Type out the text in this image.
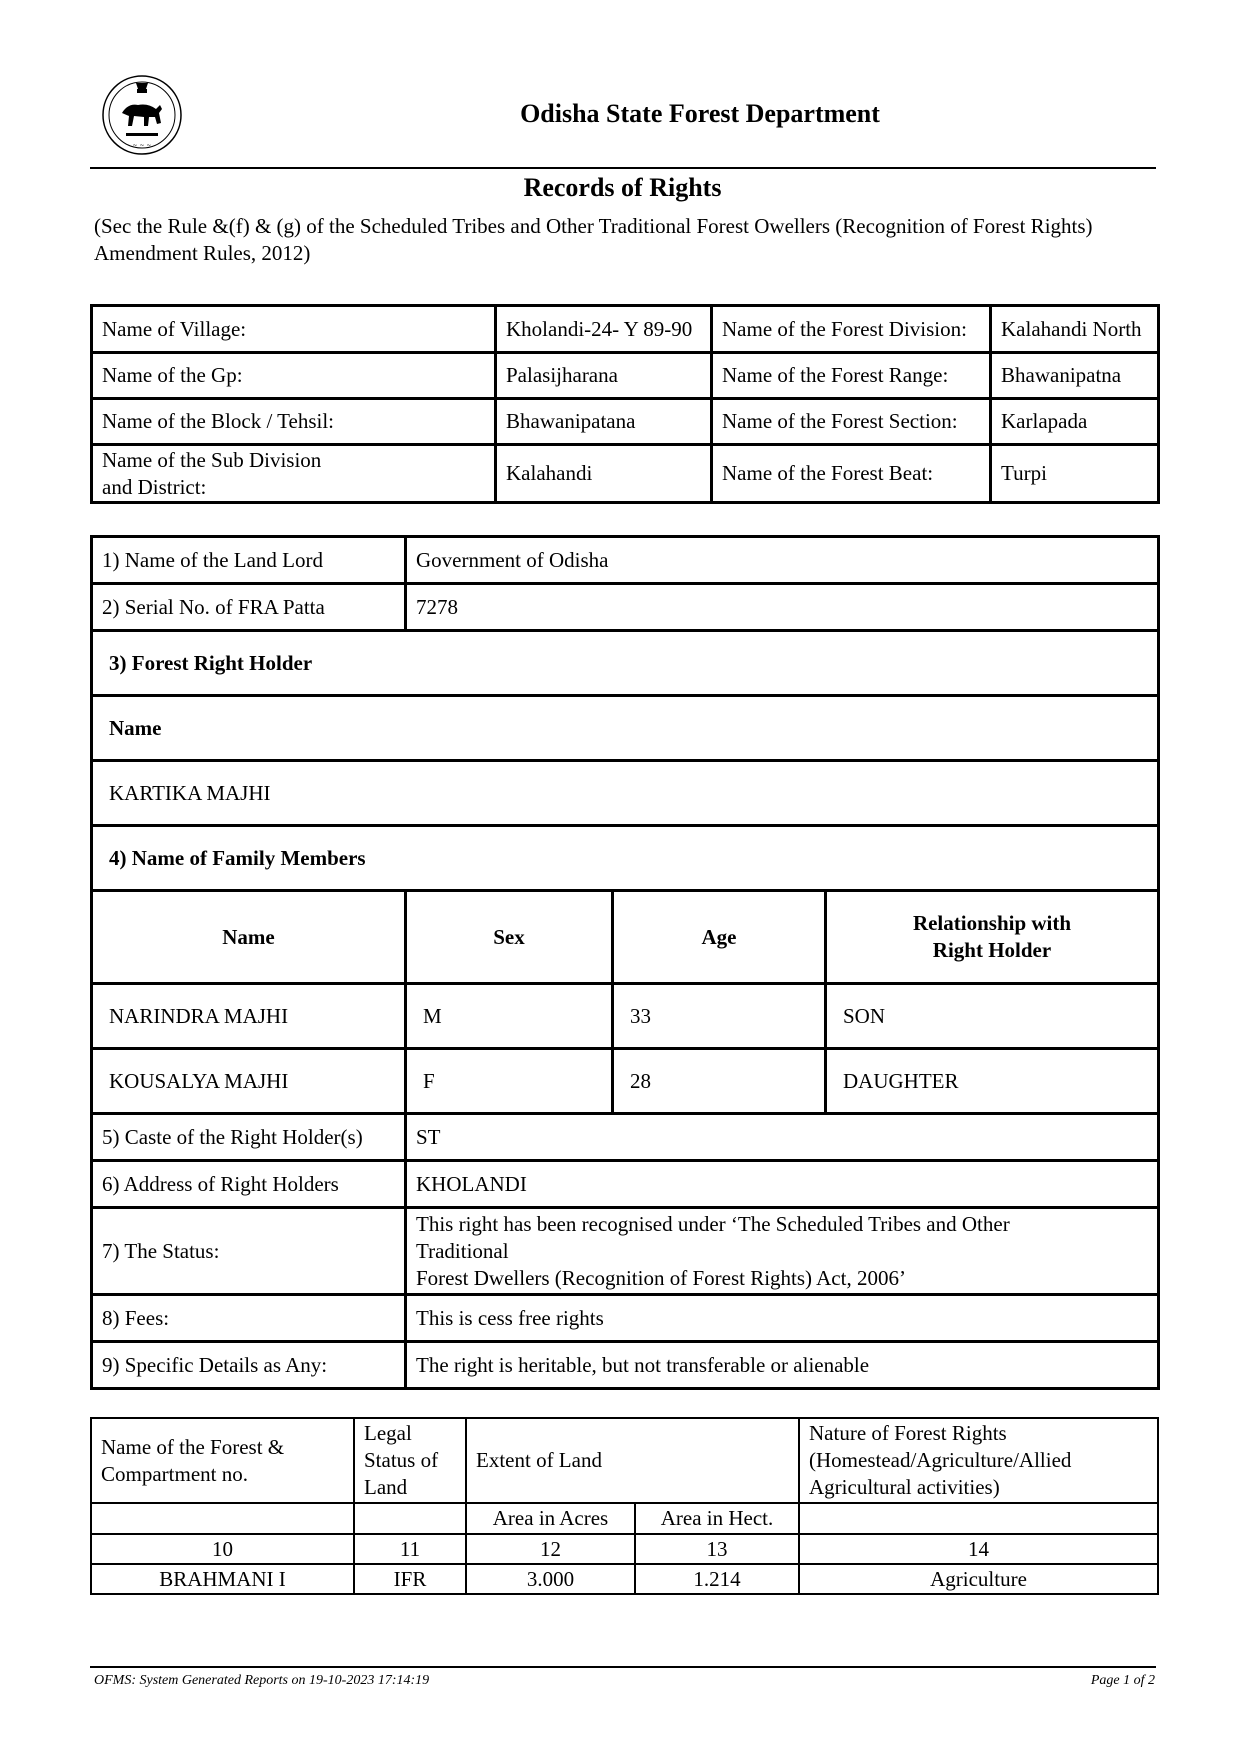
~ ~ ~
Odisha State Forest Department
Records of Rights
(Sec the Rule &(f) & (g) of the Scheduled Tribes and Other Traditional Forest Owellers (Recognition of Forest Rights) Amendment Rules, 2012)
Name of Village:	Kholandi-24- Y 89-90	Name of the Forest Division:	Kalahandi North
Name of the Gp:	Palasijharana	Name of the Forest Range:	Bhawanipatna
Name of the Block / Tehsil:	Bhawanipatana	Name of the Forest Section:	Karlapada
Name of the Sub Division and District:	Kalahandi	Name of the Forest Beat:	Turpi
1) Name of the Land Lord	Government of Odisha		
2) Serial No. of FRA Patta	7278		
3) Forest Right Holder			
Name			
KARTIKA MAJHI			
4) Name of Family Members			
Name	Sex	Age	Relationship with Right Holder
NARINDRA MAJHI	M	33	SON
KOUSALYA MAJHI	F	28	DAUGHTER
5) Caste of the Right Holder(s)	ST		
6) Address of Right Holders	KHOLANDI		
7) The Status:	This right has been recognised under ‘The Scheduled Tribes and Other
Traditional
Forest Dwellers (Recognition of Forest Rights) Act, 2006’		

8) Fees:	This is cess free rights		
9) Specific Details as Any:	The right is heritable, but not transferable or alienable		
Name of the Forest & Compartment no.	Legal Status of Land	Extent of Land		Nature of Forest Rights (Homestead/Agriculture/Allied Agricultural activities)
		Area in Acres	Area in Hect.	
10	11	12	13	14
BRAHMANI I	IFR	3.000	1.214	Agriculture
OFMS: System Generated Reports on 19-10-2023 17:14:19	Page 1 of 2
